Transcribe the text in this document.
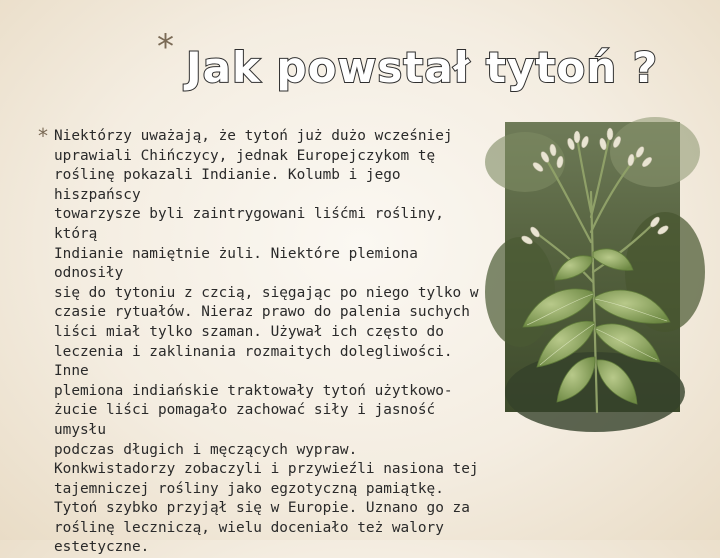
* Jak powstał tytoń ?
* Niektórzy uważają, że tytoń już dużo wcześniej
uprawiali Chińczycy, jednak Europejczykom tę
roślinę pokazali Indianie. Kolumb i jego hiszpańscy
towarzysze byli zaintrygowani liśćmi rośliny, którą
Indianie namiętnie żuli. Niektóre plemiona odnosiły
się do tytoniu z czcią, sięgając po niego tylko w
czasie rytuałów. Nieraz prawo do palenia suchych
liści miał tylko szaman. Używał ich często do
leczenia i zaklinania rozmaitych dolegliwości. Inne
plemiona indiańskie traktowały tytoń użytkowo-
żucie liści pomagało zachować siły i jasność umysłu
podczas długich i męczących wypraw.
Konkwistadorzy zobaczyli i przywieźli nasiona tej
tajemniczej rośliny jako egzotyczną pamiątkę.
Tytoń szybko przyjął się w Europie. Uznano go za
roślinę leczniczą, wielu doceniało też walory
estetyczne.
